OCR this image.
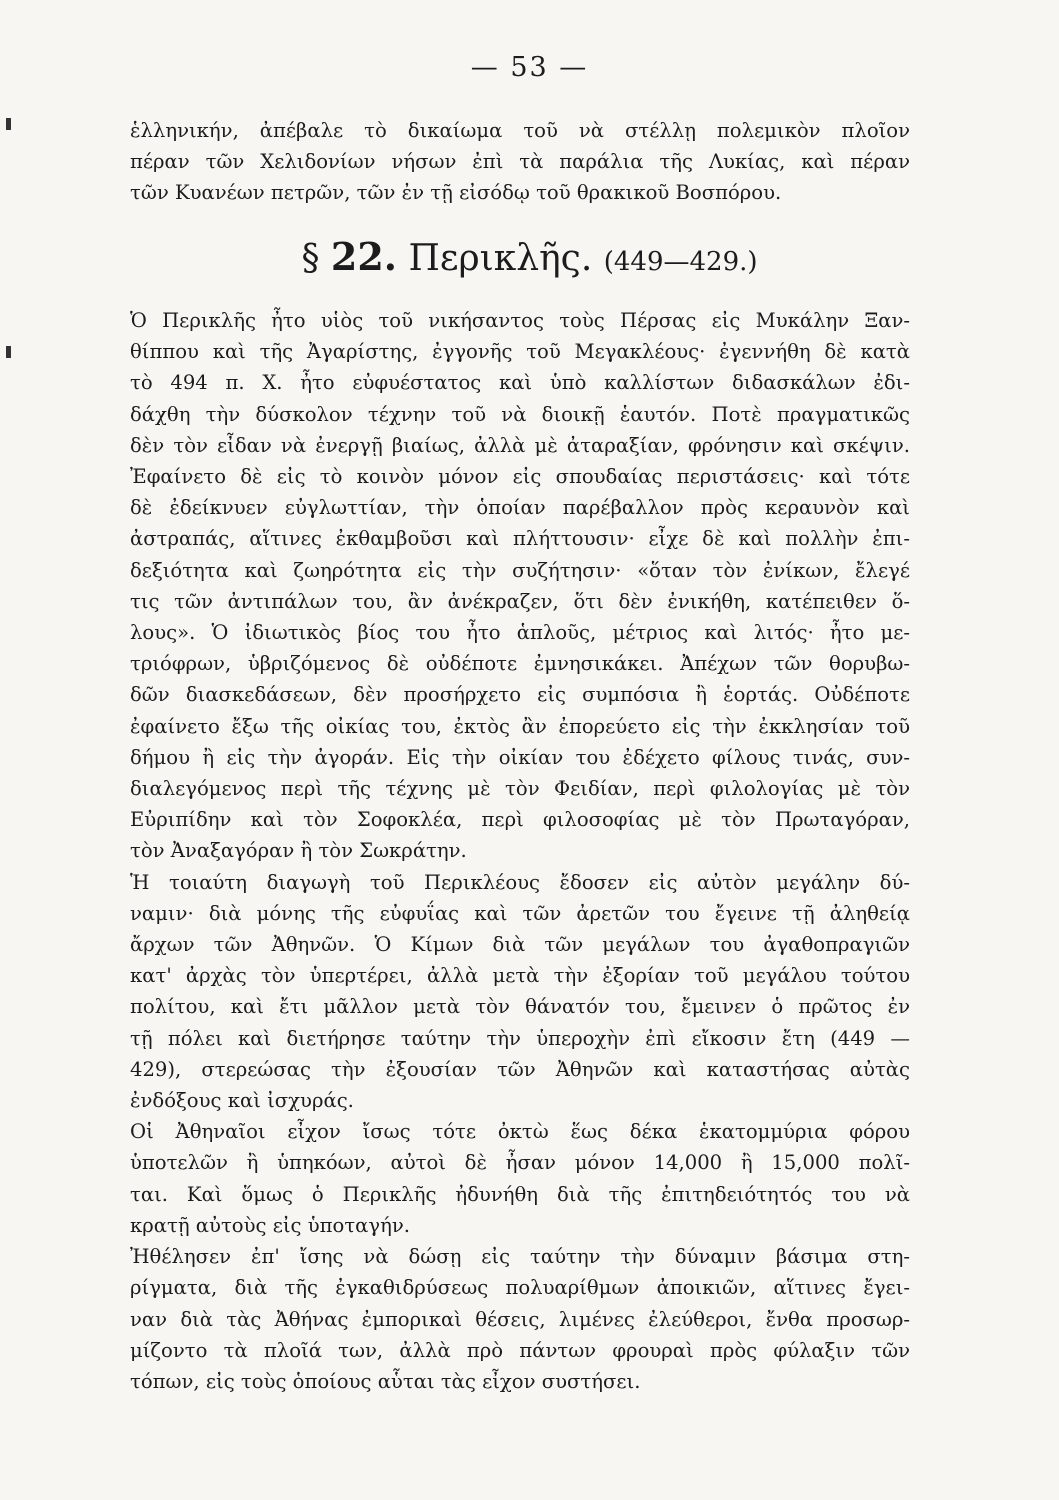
— 53 —
ἑλληνικήν, ἀπέβαλε τὸ δικαίωμα τοῦ νὰ στέλλῃ πολεμικὸν πλοῖον
πέραν τῶν Χελιδονίων νήσων ἐπὶ τὰ παράλια τῆς Λυκίας, καὶ πέραν
τῶν Κυανέων πετρῶν, τῶν ἐν τῇ εἰσόδῳ τοῦ θρακικοῦ Βοσπόρου.
§ 22. Περικλῆς. (449—429.)
Ὁ Περικλῆς ἦτο υἱὸς τοῦ νικήσαντος τοὺς Πέρσας εἰς Μυκάλην Ξαν-
θίππου καὶ τῆς Ἀγαρίστης, ἐγγονῆς τοῦ Μεγακλέους· ἐγεννήθη δὲ κατὰ
τὸ 494 π. Χ. ἦτο εὐφυέστατος καὶ ὑπὸ καλλίστων διδασκάλων ἐδι-
δάχθη τὴν δύσκολον τέχνην τοῦ νὰ διοικῇ ἑαυτόν. Ποτὲ πραγματικῶς
δὲν τὸν εἶδαν νὰ ἐνεργῇ βιαίως, ἀλλὰ μὲ ἀταραξίαν, φρόνησιν καὶ σκέψιν.
Ἐφαίνετο δὲ εἰς τὸ κοινὸν μόνον εἰς σπουδαίας περιστάσεις· καὶ τότε
δὲ ἐδείκνυεν εὐγλωττίαν, τὴν ὁποίαν παρέβαλλον πρὸς κεραυνὸν καὶ
ἀστραπάς, αἵτινες ἐκθαμβοῦσι καὶ πλήττουσιν· εἶχε δὲ καὶ πολλὴν ἐπι-
δεξιότητα καὶ ζωηρότητα εἰς τὴν συζήτησιν· «ὅταν τὸν ἐνίκων, ἔλεγέ
τις τῶν ἀντιπάλων του, ἂν ἀνέκραζεν, ὅτι δὲν ἐνικήθη, κατέπειθεν ὅ-
λους». Ὁ ἰδιωτικὸς βίος του ἦτο ἁπλοῦς, μέτριος καὶ λιτός· ἦτο με-
τριόφρων, ὑβριζόμενος δὲ οὐδέποτε ἐμνησικάκει. Ἀπέχων τῶν θορυβω-
δῶν διασκεδάσεων, δὲν προσήρχετο εἰς συμπόσια ἢ ἑορτάς. Οὐδέποτε
ἐφαίνετο ἔξω τῆς οἰκίας του, ἐκτὸς ἂν ἐπορεύετο εἰς τὴν ἐκκλησίαν τοῦ
δήμου ἢ εἰς τὴν ἀγοράν. Εἰς τὴν οἰκίαν του ἐδέχετο φίλους τινάς, συν-
διαλεγόμενος περὶ τῆς τέχνης μὲ τὸν Φειδίαν, περὶ φιλολογίας μὲ τὸν
Εὐριπίδην καὶ τὸν Σοφοκλέα, περὶ φιλοσοφίας μὲ τὸν Πρωταγόραν,
τὸν Ἀναξαγόραν ἢ τὸν Σωκράτην.
Ἡ τοιαύτη διαγωγὴ τοῦ Περικλέους ἔδοσεν εἰς αὐτὸν μεγάλην δύ-
ναμιν· διὰ μόνης τῆς εὐφυΐας καὶ τῶν ἀρετῶν του ἔγεινε τῇ ἀληθείᾳ
ἄρχων τῶν Ἀθηνῶν. Ὁ Κίμων διὰ τῶν μεγάλων του ἀγαθοπραγιῶν
κατ' ἀρχὰς τὸν ὑπερτέρει, ἀλλὰ μετὰ τὴν ἐξορίαν τοῦ μεγάλου τούτου
πολίτου, καὶ ἔτι μᾶλλον μετὰ τὸν θάνατόν του, ἔμεινεν ὁ πρῶτος ἐν
τῇ πόλει καὶ διετήρησε ταύτην τὴν ὑπεροχὴν ἐπὶ εἴκοσιν ἔτη (449 —
429), στερεώσας τὴν ἐξουσίαν τῶν Ἀθηνῶν καὶ καταστήσας αὐτὰς
ἐνδόξους καὶ ἰσχυράς.
Οἱ Ἀθηναῖοι εἶχον ἴσως τότε ὀκτὼ ἕως δέκα ἑκατομμύρια φόρου
ὑποτελῶν ἢ ὑπηκόων, αὐτοὶ δὲ ἦσαν μόνον 14,000 ἢ 15,000 πολῖ-
ται. Καὶ ὅμως ὁ Περικλῆς ἠδυνήθη διὰ τῆς ἐπιτηδειότητός του νὰ
κρατῇ αὐτοὺς εἰς ὑποταγήν.
Ἠθέλησεν ἐπ' ἴσης νὰ δώσῃ εἰς ταύτην τὴν δύναμιν βάσιμα στη-
ρίγματα, διὰ τῆς ἐγκαθιδρύσεως πολυαρίθμων ἀποικιῶν, αἵτινες ἔγει-
ναν διὰ τὰς Ἀθήνας ἐμπορικαὶ θέσεις, λιμένες ἐλεύθεροι, ἔνθα προσωρ-
μίζοντο τὰ πλοῖά των, ἀλλὰ πρὸ πάντων φρουραὶ πρὸς φύλαξιν τῶν
τόπων, εἰς τοὺς ὁποίους αὗται τὰς εἶχον συστήσει.
